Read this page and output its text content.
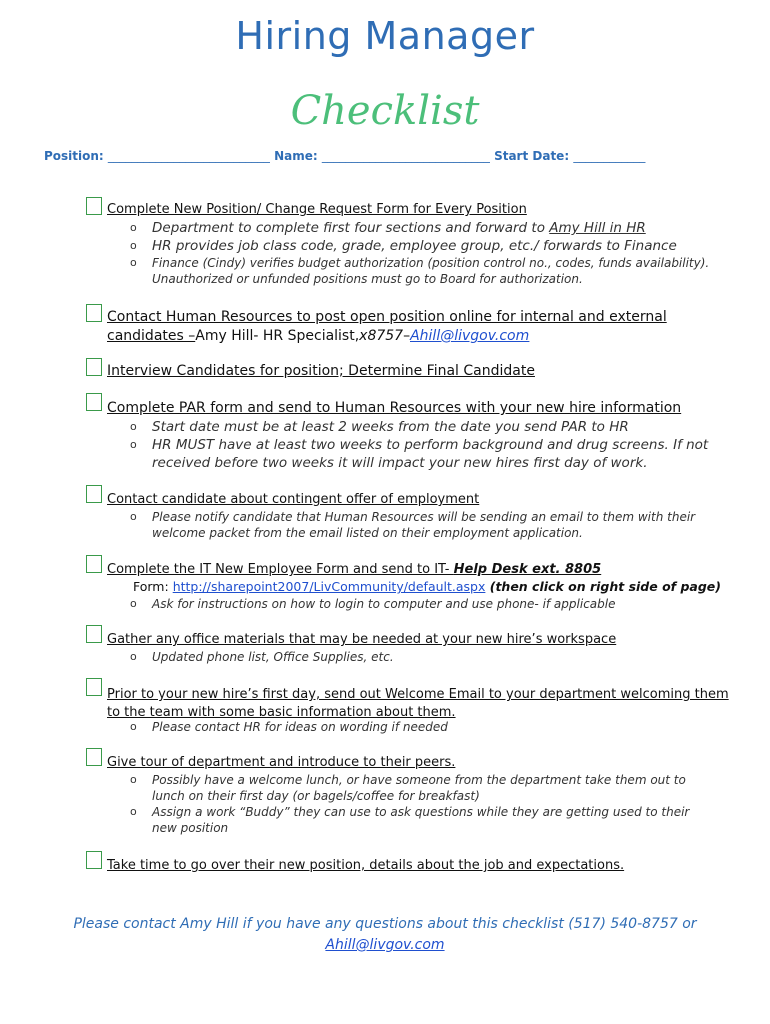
Hiring Manager
Checklist
Position: ___________________________ Name: ____________________________ Start Date: ____________
Complete New Position/ Change Request Form for Every Position
o Department to complete first four sections and forward to Amy Hill in HR
o HR provides job class code, grade, employee group, etc./ forwards to Finance
o Finance (Cindy) verifies budget authorization (position control no., codes, funds availability). Unauthorized or unfunded positions must go to Board for authorization.
Contact Human Resources to post open position online for internal and external
candidates –Amy Hill- HR Specialist,x8757–Ahill@livgov.com
Interview Candidates for position; Determine Final Candidate
Complete PAR form and send to Human Resources with your new hire information
o Start date must be at least 2 weeks from the date you send PAR to HR
o HR MUST have at least two weeks to perform background and drug screens. If not received before two weeks it will impact your new hires first day of work.
Contact candidate about contingent offer of employment
o Please notify candidate that Human Resources will be sending an email to them with their welcome packet from the email listed on their employment application.
Complete the IT New Employee Form and send to IT- Help Desk ext. 8805
Form: http://sharepoint2007/LivCommunity/default.aspx (then click on right side of page)
o Ask for instructions on how to login to computer and use phone- if applicable
Gather any office materials that may be needed at your new hire’s workspace
o Updated phone list, Office Supplies, etc.
Prior to your new hire’s first day, send out Welcome Email to your department welcoming them to the team with some basic information about them.
o Please contact HR for ideas on wording if needed
Give tour of department and introduce to their peers.
o Possibly have a welcome lunch, or have someone from the department take them out to lunch on their first day (or bagels/coffee for breakfast)
o Assign a work “Buddy” they can use to ask questions while they are getting used to their new position
Take time to go over their new position, details about the job and expectations.
Please contact Amy Hill if you have any questions about this checklist (517) 540-8757 or
Ahill@livgov.com
